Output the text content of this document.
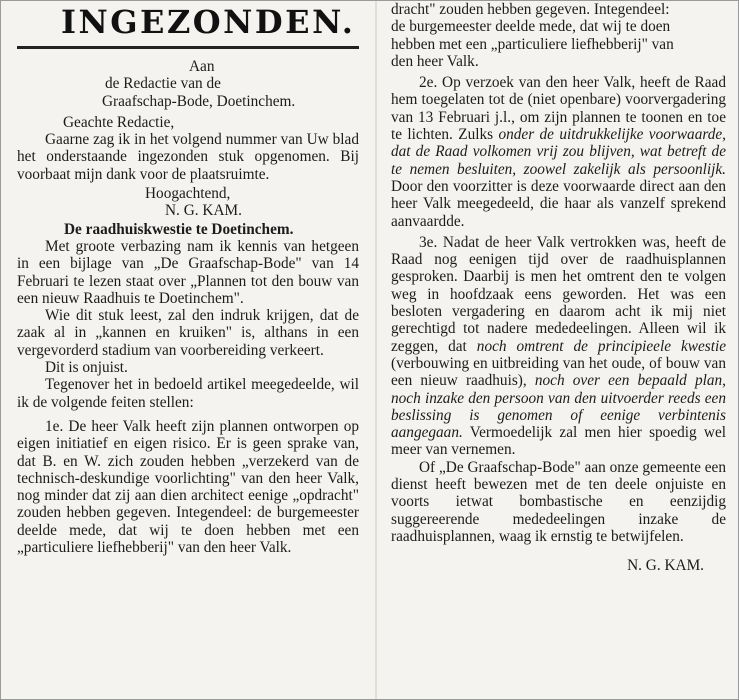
INGEZONDEN.
Aan
de Redactie van de
Graafschap-Bode, Doetinchem.
Geachte Redactie,

Gaarne zag ik in het volgend nummer van Uw blad het onderstaande ingezonden stuk opgenomen. Bij voorbaat mijn dank voor de plaatsruimte.

Hoogachtend,
N. G. KAM.
De raadhuiskwestie te Doetinchem.

Met groote verbazing nam ik kennis van hetgeen in een bijlage van „De Graafschap-Bode" van 14 Februari te lezen staat over „Plannen tot den bouw van een nieuw Raadhuis te Doetinchem".

Wie dit stuk leest, zal den indruk krijgen, dat de zaak al in „kannen en kruiken" is, althans in een vergevorderd stadium van voorbereiding verkeert.

Dit is onjuist.

Tegenover het in bedoeld artikel meegedeelde, wil ik de volgende feiten stellen:

1e. De heer Valk heeft zijn plannen ontworpen op eigen initiatief en eigen risico. Er is geen sprake van, dat B. en W. zich zouden hebben „verzekerd van de technisch-deskundige voorlichting" van den heer Valk, nog minder dat zij aan dien architect eenige „opdracht" zouden hebben gegeven. Integendeel: de burgemeester deelde mede, dat wij te doen hebben met een „particuliere liefhebberij" van den heer Valk.

dracht" zouden hebben gegeven. Integendeel:
de burgemeester deelde mede, dat wij te doen
hebben met een „particuliere liefhebberij" van
den heer Valk.

2e. Op verzoek van den heer Valk, heeft de Raad hem toegelaten tot de (niet openbare) voorvergadering van 13 Februari j.l., om zijn plannen te toonen en toe te lichten. Zulks onder de uitdrukkelijke voorwaarde, dat de Raad volkomen vrij zou blijven, wat betreft de te nemen besluiten, zoowel zakelijk als persoonlijk. Door den voorzitter is deze voorwaarde direct aan den heer Valk meegedeeld, die haar als vanzelf sprekend aanvaardde.

3e. Nadat de heer Valk vertrokken was, heeft de Raad nog eenigen tijd over de raadhuisplannen gesproken. Daarbij is men het omtrent den te volgen weg in hoofdzaak eens geworden. Het was een besloten vergadering en daarom acht ik mij niet gerechtigd tot nadere mededeelingen. Alleen wil ik zeggen, dat noch omtrent de principieele kwestie (verbouwing en uitbreiding van het oude, of bouw van een nieuw raadhuis), noch over een bepaald plan, noch inzake den persoon van den uitvoerder reeds een beslissing is genomen of eenige verbintenis aangegaan. Vermoedelijk zal men hier spoedig wel meer van vernemen.

Of „De Graafschap-Bode" aan onze gemeente een dienst heeft bewezen met de ten deele onjuiste en voorts ietwat bombastische en eenzijdig suggereerende mededeelingen inzake de raadhuisplannen, waag ik ernstig te betwijfelen.

N. G. KAM.
